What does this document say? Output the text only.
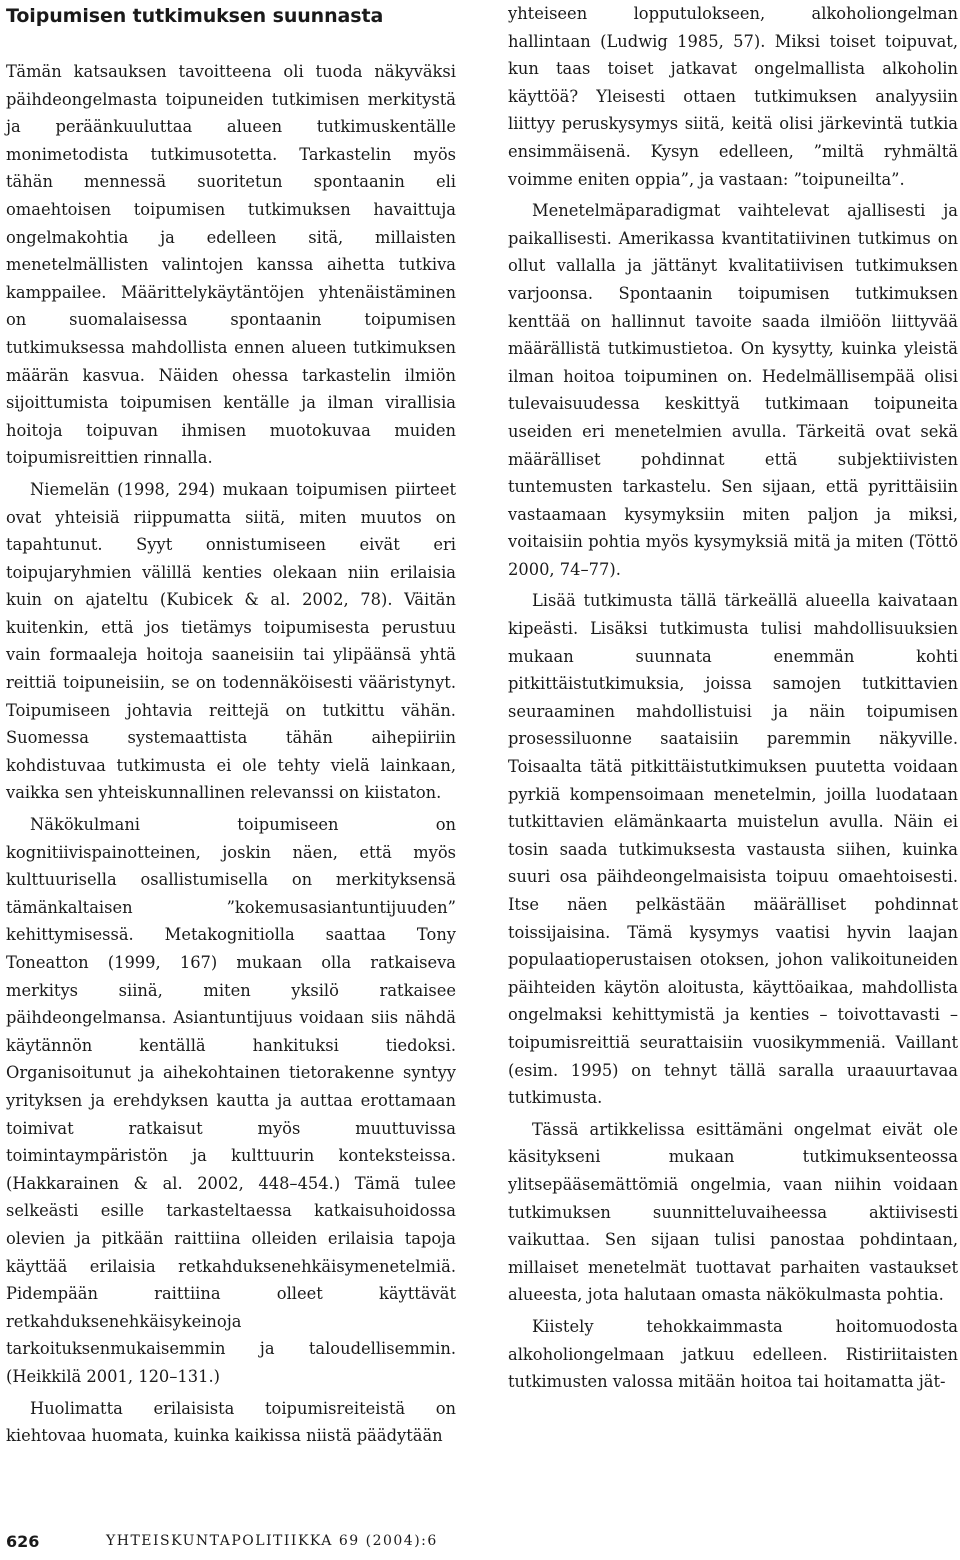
Toipumisen tutkimuksen suunnasta

Tämän katsauksen tavoitteena oli tuoda näkyväksi päihdeongelmasta toipuneiden tutkimisen merkitystä ja peräänkuuluttaa alueen tutkimuskentälle monimetodista tutkimusotetta. Tarkastelin myös tähän mennessä suoritetun spontaanin eli omaehtoisen toipumisen tutkimuksen havaittuja ongelmakohtia ja edelleen sitä, millaisten menetelmällisten valintojen kanssa aihetta tutkiva kamppailee. Määrittelykäytäntöjen yhtenäistäminen on suomalaisessa spontaanin toipumisen tutkimuksessa mahdollista ennen alueen tutkimuksen määrän kasvua. Näiden ohessa tarkastelin ilmiön sijoittumista toipumisen kentälle ja ilman virallisia hoitoja toipuvan ihmisen muotokuvaa muiden toipumisreittien rinnalla.

Niemelän (1998, 294) mukaan toipumisen piirteet ovat yhteisiä riippumatta siitä, miten muutos on tapahtunut. Syyt onnistumiseen eivät eri toipujaryhmien välillä kenties olekaan niin erilaisia kuin on ajateltu (Kubicek & al. 2002, 78). Väitän kuitenkin, että jos tietämys toipumisesta perustuu vain formaaleja hoitoja saaneisiin tai ylipäänsä yhtä reittiä toipuneisiin, se on todennäköisesti vääristynyt. Toipumiseen johtavia reittejä on tutkittu vähän. Suomessa systemaattista tähän aihepiiriin kohdistuvaa tutkimusta ei ole tehty vielä lainkaan, vaikka sen yhteiskunnallinen relevanssi on kiistaton.

Näkökulmani toipumiseen on kognitiivispainotteinen, joskin näen, että myös kulttuurisella osallistumisella on merkityksensä tämänkaltaisen ”kokemusasiantuntijuuden” kehittymisessä. Metakognitiolla saattaa Tony Toneatton (1999, 167) mukaan olla ratkaiseva merkitys siinä, miten yksilö ratkaisee päihdeongelmansa. Asiantuntijuus voidaan siis nähdä käytännön kentällä hankituksi tiedoksi. Organisoitunut ja aihekohtainen tietorakenne syntyy yrityksen ja erehdyksen kautta ja auttaa erottamaan toimivat ratkaisut myös muuttuvissa toimintaympäristön ja kulttuurin konteksteissa. (Hakkarainen & al. 2002, 448–454.) Tämä tulee selkeästi esille tarkasteltaessa katkaisuhoidossa olevien ja pitkään raittiina olleiden erilaisia tapoja käyttää erilaisia retkahduksenehkäisymenetelmiä. Pidempään raittiina olleet käyttävät retkahduksenehkäisykeinoja tarkoituksenmukaisemmin ja taloudellisemmin. (Heikkilä 2001, 120–131.)

Huolimatta erilaisista toipumisreiteistä on kiehtovaa huomata, kuinka kaikissa niistä päädytään

yhteiseen lopputulokseen, alkoholiongelman hallintaan (Ludwig 1985, 57). Miksi toiset toipuvat, kun taas toiset jatkavat ongelmallista alkoholin käyttöä? Yleisesti ottaen tutkimuksen analyysiin liittyy peruskysymys siitä, keitä olisi järkevintä tutkia ensimmäisenä. Kysyn edelleen, ”miltä ryhmältä voimme eniten oppia”, ja vastaan: ”toipuneilta”.

Menetelmäparadigmat vaihtelevat ajallisesti ja paikallisesti. Amerikassa kvantitatiivinen tutkimus on ollut vallalla ja jättänyt kvalitatiivisen tutkimuksen varjoonsa. Spontaanin toipumisen tutkimuksen kenttää on hallinnut tavoite saada ilmiöön liittyvää määrällistä tutkimustietoa. On kysytty, kuinka yleistä ilman hoitoa toipuminen on. Hedelmällisempää olisi tulevaisuudessa keskittyä tutkimaan toipuneita useiden eri menetelmien avulla. Tärkeitä ovat sekä määrälliset pohdinnat että subjektiivisten tuntemusten tarkastelu. Sen sijaan, että pyrittäisiin vastaamaan kysymyksiin miten paljon ja miksi, voitaisiin pohtia myös kysymyksiä mitä ja miten (Töttö 2000, 74–77).

Lisää tutkimusta tällä tärkeällä alueella kaivataan kipeästi. Lisäksi tutkimusta tulisi mahdollisuuksien mukaan suunnata enemmän kohti pitkittäistutkimuksia, joissa samojen tutkittavien seuraaminen mahdollistuisi ja näin toipumisen prosessiluonne saataisiin paremmin näkyville. Toisaalta tätä pitkittäistutkimuksen puutetta voidaan pyrkiä kompensoimaan menetelmin, joilla luodataan tutkittavien elämänkaarta muistelun avulla. Näin ei tosin saada tutkimuksesta vastausta siihen, kuinka suuri osa päihdeongelmaisista toipuu omaehtoisesti. Itse näen pelkästään määrälliset pohdinnat toissijaisina. Tämä kysymys vaatisi hyvin laajan populaatioperustaisen otoksen, johon valikoituneiden päihteiden käytön aloitusta, käyttöaikaa, mahdollista ongelmaksi kehittymistä ja kenties – toivottavasti – toipumisreittiä seurattaisiin vuosikymmeniä. Vaillant (esim. 1995) on tehnyt tällä saralla uraauurtavaa tutkimusta.

Tässä artikkelissa esittämäni ongelmat eivät ole käsitykseni mukaan tutkimuksenteossa ylitsepääsemättömiä ongelmia, vaan niihin voidaan tutkimuksen suunnitteluvaiheessa aktiivisesti vaikuttaa. Sen sijaan tulisi panostaa pohdintaan, millaiset menetelmät tuottavat parhaiten vastaukset alueesta, jota halutaan omasta näkökulmasta pohtia.

Kiistely tehokkaimmasta hoitomuodosta alkoholiongelmaan jatkuu edelleen. Ristiriitaisten tutkimusten valossa mitään hoitoa tai hoitamatta jät-

626	YHTEISKUNTAPOLITIIKKA 69 (2004):6
